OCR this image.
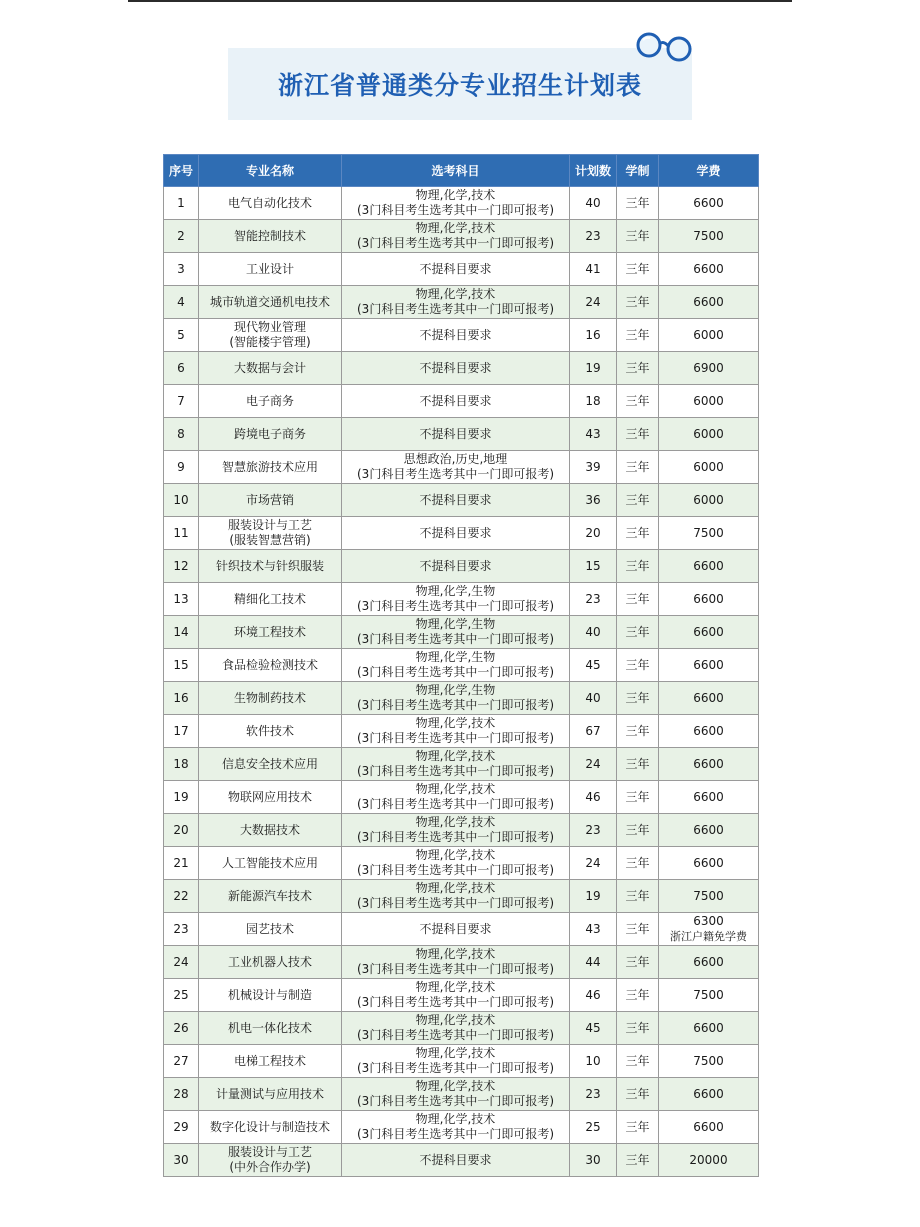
浙江省普通类分专业招生计划表
序号	专业名称	选考科目	计划数	学制	学费
1	电气自动化技术	物理,化学,技术
(3门科目考生选考其中一门即可报考)	40	三年	6600
2	智能控制技术	物理,化学,技术
(3门科目考生选考其中一门即可报考)	23	三年	7500
3	工业设计	不提科目要求	41	三年	6600
4	城市轨道交通机电技术	物理,化学,技术
(3门科目考生选考其中一门即可报考)	24	三年	6600
5	现代物业管理
(智能楼宇管理)	不提科目要求	16	三年	6000
6	大数据与会计	不提科目要求	19	三年	6900
7	电子商务	不提科目要求	18	三年	6000
8	跨境电子商务	不提科目要求	43	三年	6000
9	智慧旅游技术应用	思想政治,历史,地理
(3门科目考生选考其中一门即可报考)	39	三年	6000
10	市场营销	不提科目要求	36	三年	6000
11	服装设计与工艺
(服装智慧营销)	不提科目要求	20	三年	7500
12	针织技术与针织服装	不提科目要求	15	三年	6600
13	精细化工技术	物理,化学,生物
(3门科目考生选考其中一门即可报考)	23	三年	6600
14	环境工程技术	物理,化学,生物
(3门科目考生选考其中一门即可报考)	40	三年	6600
15	食品检验检测技术	物理,化学,生物
(3门科目考生选考其中一门即可报考)	45	三年	6600
16	生物制药技术	物理,化学,生物
(3门科目考生选考其中一门即可报考)	40	三年	6600
17	软件技术	物理,化学,技术
(3门科目考生选考其中一门即可报考)	67	三年	6600
18	信息安全技术应用	物理,化学,技术
(3门科目考生选考其中一门即可报考)	24	三年	6600
19	物联网应用技术	物理,化学,技术
(3门科目考生选考其中一门即可报考)	46	三年	6600
20	大数据技术	物理,化学,技术
(3门科目考生选考其中一门即可报考)	23	三年	6600
21	人工智能技术应用	物理,化学,技术
(3门科目考生选考其中一门即可报考)	24	三年	6600
22	新能源汽车技术	物理,化学,技术
(3门科目考生选考其中一门即可报考)	19	三年	7500
23	园艺技术	不提科目要求	43	三年	6300
浙江户籍免学费
24	工业机器人技术	物理,化学,技术
(3门科目考生选考其中一门即可报考)	44	三年	6600
25	机械设计与制造	物理,化学,技术
(3门科目考生选考其中一门即可报考)	46	三年	7500
26	机电一体化技术	物理,化学,技术
(3门科目考生选考其中一门即可报考)	45	三年	6600
27	电梯工程技术	物理,化学,技术
(3门科目考生选考其中一门即可报考)	10	三年	7500
28	计量测试与应用技术	物理,化学,技术
(3门科目考生选考其中一门即可报考)	23	三年	6600
29	数字化设计与制造技术	物理,化学,技术
(3门科目考生选考其中一门即可报考)	25	三年	6600
30	服装设计与工艺
(中外合作办学)	不提科目要求	30	三年	20000
